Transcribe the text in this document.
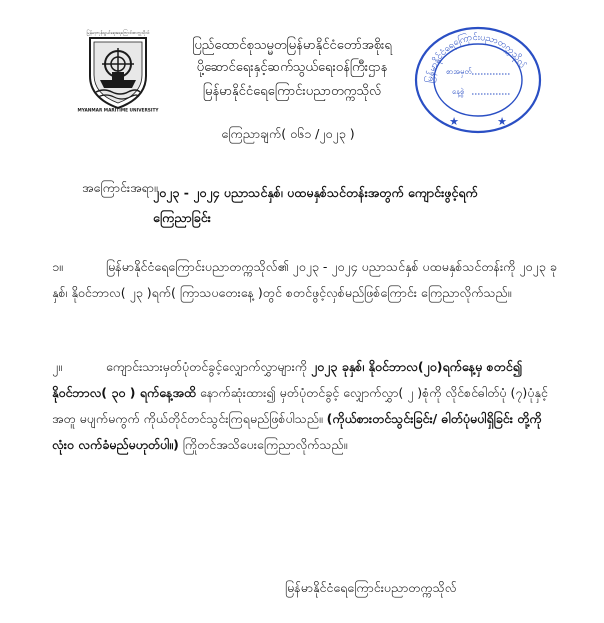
မြန်မာ့ကုန်သွယ်ရေးရေကြောင်းတက္ကသိုလ်
MYANMAR MARITIME UNIVERSITY
ပြည်ထောင်စုသမ္မတမြန်မာနိုင်ငံတော်အစိုးရ
ပို့ဆောင်ရေးနှင့်ဆက်သွယ်ရေးဝန်ကြီးဌာန
မြန်မာနိုင်ငံရေကြောင်းပညာတက္ကသိုလ်
ကြေညာချက်( ၀၆၁ /၂၀၂၃ )
မြန်မာနိုင်ငံရေကြောင်းပညာတက္ကသိုလ်
စာအမှတ်
နေ့စွဲ
★	★
အကြောင်းအရာ။
၂၀၂၃ - ၂၀၂၄ ပညာသင်နှစ်၊ ပထမနှစ်သင်တန်းအတွက် ကျောင်းဖွင့်ရက်
ကြေညာခြင်း
၁။	မြန်မာနိုင်ငံရေကြောင်းပညာတက္ကသိုလ်၏ ၂၀၂၃ - ၂၀၂၄ ပညာသင်နှစ် ပထမနှစ်သင်တန်းကို ၂၀၂၃ ခုနှစ်၊ နိုဝင်ဘာလ( ၂၃ )ရက်( ကြာသပတေးနေ့ )တွင် စတင်ဖွင့်လှစ်မည်ဖြစ်ကြောင်း ကြေညာလိုက်သည်။
၂။	ကျောင်းသားမှတ်ပုံတင်ခွင့်လျှောက်လွှာများကို ၂၀၂၃ ခုနှစ်၊ နိုဝင်ဘာလ(၂၀)ရက်နေ့မှ စတင်၍ နိုဝင်ဘာလ( ၃၀ ) ရက်နေ့အထိ နောက်ဆုံးထား၍ မှတ်ပုံတင်ခွင့် လျှောက်လွှာ( ၂ )စုံကို လိုင်စင်ဓါတ်ပုံ (၇)ပုံနှင့်အတူ မပျက်မကွက် ကိုယ်တိုင်တင်သွင်းကြရမည်ဖြစ်ပါသည်။ (ကိုယ်စားတင်သွင်းခြင်း/ ဓါတ်ပုံမပါရှိခြင်း တို့ကို လုံးဝ လက်ခံမည်မဟုတ်ပါ။) ကြိုတင်အသိပေးကြေညာလိုက်သည်။
မြန်မာနိုင်ငံရေကြောင်းပညာတက္ကသိုလ်
